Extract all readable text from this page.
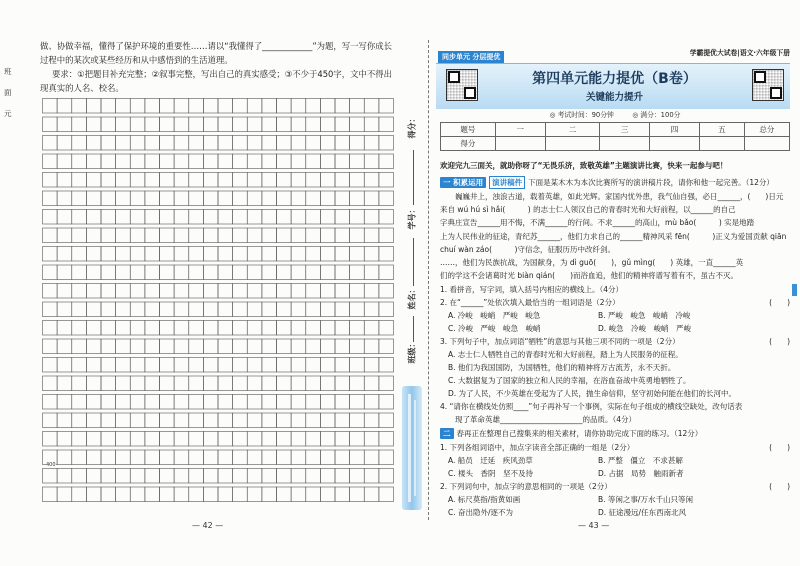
班
面
元
做、协做幸福，懂得了保护环境的重要性……请以“我懂得了____________”为题，写一写你成长
过程中的某次或某些经历和从中感悟到的生活道理。
要求：①把题目补充完整；②叙事完整，写出自己的真实感受；③不少于450字，文中不得出
现真实的人名、校名。
400
— 42 —
得分：
学号：
姓名：
班级：
同步单元 分层提优	学霸提优大试卷|语文·六年级下册
第四单元能力提优（B卷）
关键能力提升
◎ 考试时间：90分钟	◎ 满分：100分
题号	一	二	三	四	五	总分
得分						
欢迎完九三面关，就助你呀了“无畏乐济，致敬英雄”主题演讲比赛，快来一起参与吧！
一 积累运用 演讲稿件 下面是某木木为本次比赛所写的演讲稿片段，请你和他一起完善。（12分）
　　巍巍井上，浊浪古道，载着英雄，如此光辉。家国内忧外患，我气仙自强，必日______，(　　)日元
来自 wú hú sì hǎi(　　　) 的志士仁人领汉自己的青春时光和大好前程，以______的自己
字典庄宣告______用不悔，不满______的行间。不求______的高山，mù bǎo(　　　) 实是地踏
上为人民伟业的征途，青纪苏______，他们力求自己的______精神风采 fēn(　　　)正义为爱国贡献 qiān
chuí wàn záo(　　　)守信念，征服历历中改纤剑。
……，他们为民族抗战，为国献身，为 dì guō(　　)，gǔ mìng(　　) 英雄，一直______英
们的学这不会诸葛时光 biàn qián(　　)而浴血追，他们的精神将谱写着有不，虽古不灭。
1. 看拼音，写字词，填入括号内相应的横线上。（4分）
2. 在“______”处依次填入最恰当的一组词语是（2分）	(　　)
A. 冷峻　峻峭　严峻　峻急	B. 严峻　峻急　峻峭　冷峻
C. 冷峻　严峻　峻急　峻峭	D. 峻急　冷峻　峻峭　严峻
3. 下列句子中，加点词语“牺牲”的意思与其他三项不同的一项是（2分）	(　　)
A. 志士仁人牺牲自己的青春时光和大好前程，踏上为人民服务的征程。
B. 他们为我国国防，为国牺牲，他们的精神将万古流芳，永不天折。
C. 大数据复为了国家的独立和人民的幸福，在浴血奋战中英勇地牺牲了。
D. 为了人民，不少英雄在受起为了人民，抛生命信仰，坚守初始何能在他们的长河中。
4. “请你在横线处仿照____”句子再补写一个事例，实际在句子组成的横线空缺处，改句话表
　　现了革命英雄______________________的品质。（4分）
二 春再正在整理自己搜集来的相关素材，请你协助完成下面的练习。（12分）
1. 下列各组词语中，加点字读音全部正确的一组是（2分）	(　　)
A. 船员　迁延　疾风劲草	B. 严整　僵立　不求甚解
C. 楼头　香阴　坚不及待	D. 占据　局势　触雨新者
2. 下列词句中，加点字的意思相同的一项是（2分）	(　　)
A. 标尺莫指/指黄如画	B. 等闲之事/万水千山只等闲
C. 奋出隐外/逐不为	D. 征途漫远/任东西南北风
— 43 —
